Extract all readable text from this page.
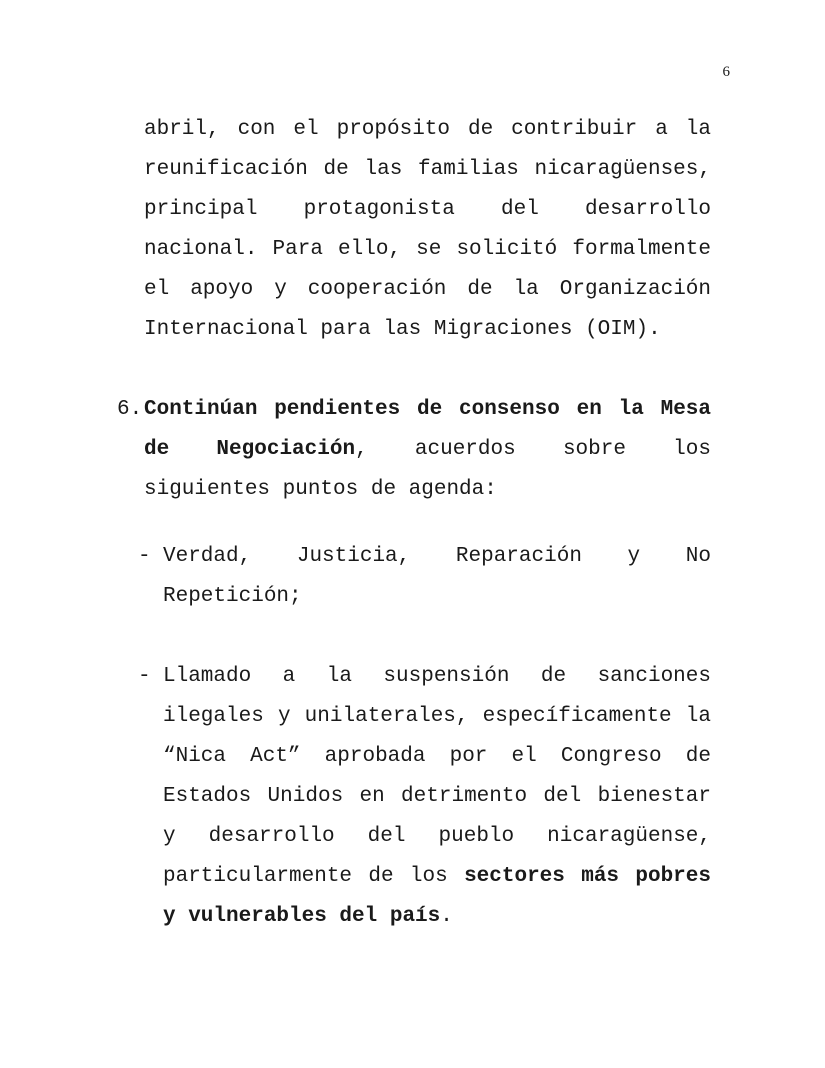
6
abril, con el propósito de contribuir a la reunificación de las familias nicaragüenses, principal protagonista del desarrollo nacional. Para ello, se solicitó formalmente el apoyo y cooperación de la Organización Internacional para las Migraciones (OIM).
6. Continúan pendientes de consenso en la Mesa de Negociación, acuerdos sobre los siguientes puntos de agenda:
- Verdad, Justicia, Reparación y No Repetición;
- Llamado a la suspensión de sanciones ilegales y unilaterales, específicamente la “Nica Act” aprobada por el Congreso de Estados Unidos en detrimento del bienestar y desarrollo del pueblo nicaragüense, particularmente de los sectores más pobres y vulnerables del país.
